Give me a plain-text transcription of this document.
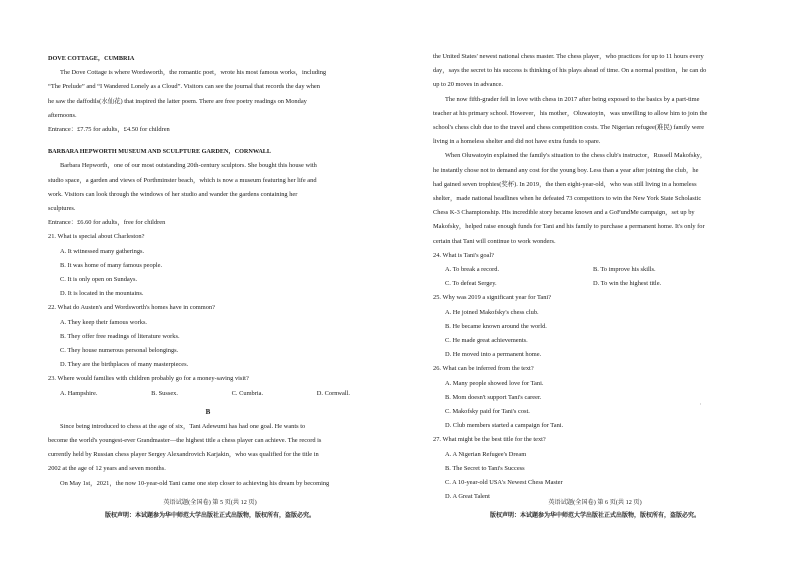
DOVE COTTAGE，CUMBRIA
The Dove Cottage is where Wordsworth，the romantic poet，wrote his most famous works，including
“The Prelude” and “I Wandered Lonely as a Cloud”. Visitors can see the journal that records the day when
he saw the daffodils(水仙花) that inspired the latter poem. There are free poetry readings on Monday
afternoons.
Entrance：£7.75 for adults，£4.50 for children
BARBARA HEPWORTH MUSEUM AND SCULPTURE GARDEN，CORNWALL
Barbara Hepworth，one of our most outstanding 20th-century sculptors. She bought this house with
studio space，a garden and views of Porthminster beach，which is now a museum featuring her life and
work. Visitors can look through the windows of her studio and wander the gardens containing her
sculptures.
Entrance：£6.60 for adults，free for children
21. What is special about Charleston?
A. It witnessed many gatherings.
B. It was home of many famous people.
C. It is only open on Sundays.
D. It is located in the mountains.
22. What do Austen's and Wordsworth's homes have in common?
A. They keep their famous works.
B. They offer free readings of literature works.
C. They house numerous personal belongings.
D. They are the birthplaces of many masterpieces.
23. Where would families with children probably go for a money-saving visit?
A. Hampshire.	B. Sussex.	C. Cumbria.	D. Cornwall.
B
Since being introduced to chess at the age of six，Tani Adewumi has had one goal. He wants to
become the world's youngest-ever Grandmaster—the highest title a chess player can achieve. The record is
currently held by Russian chess player Sergey Alexandrovich Karjakin，who was qualified for the title in
2002 at the age of 12 years and seven months.
On May 1st，2021，the now 10-year-old Tani came one step closer to achieving his dream by becoming
the United States' newest national chess master. The chess player，who practices for up to 11 hours every
day，says the secret to his success is thinking of his plays ahead of time. On a normal position，he can do
up to 20 moves in advance.
The now fifth-grader fell in love with chess in 2017 after being exposed to the basics by a part-time
teacher at his primary school. However，his mother，Oluwatoyin，was unwilling to allow him to join the
school's chess club due to the travel and chess competition costs. The Nigerian refugee(难民) family were
living in a homeless shelter and did not have extra funds to spare.
When Oluwatoyin explained the family's situation to the chess club's instructor，Russell Makofsky，
he instantly chose not to demand any cost for the young boy. Less than a year after joining the club，he
had gained seven trophies(奖杯). In 2019，the then eight-year-old，who was still living in a homeless
shelter，made national headlines when he defeated 73 competitors to win the New York State Scholastic
Chess K-3 Championship. His incredible story became known and a GoFundMe campaign，set up by
Makofsky，helped raise enough funds for Tani and his family to purchase a permanent home. It's only for
certain that Tani will continue to work wonders.
24. What is Tani's goal?
A. To break a record.	B. To improve his skills.
C. To defeat Sergey.	D. To win the highest title.
25. Why was 2019 a significant year for Tani?
A. He joined Makofsky's chess club.
B. He became known around the world.
C. He made great achievements.
D. He moved into a permanent home.
26. What can be inferred from the text?
A. Many people showed love for Tani.
B. Mom doesn't support Tani's career.
C. Makofsky paid for Tani's cost.
D. Club members started a campaign for Tani.
27. What might be the best title for the text?
A. A Nigerian Refugee's Dream
B. The Secret to Tani's Success
C. A 10-year-old USA's Newest Chess Master
D. A Great Talent
'
英语试题(全国卷) 第 5 页(共 12 页)
版权声明：本试题参为华中师范大学出版社正式出版物，版权所有，盗版必究。
英语试题(全国卷) 第 6 页(共 12 页)
版权声明：本试题参为华中师范大学出版社正式出版物，版权所有，盗版必究。
